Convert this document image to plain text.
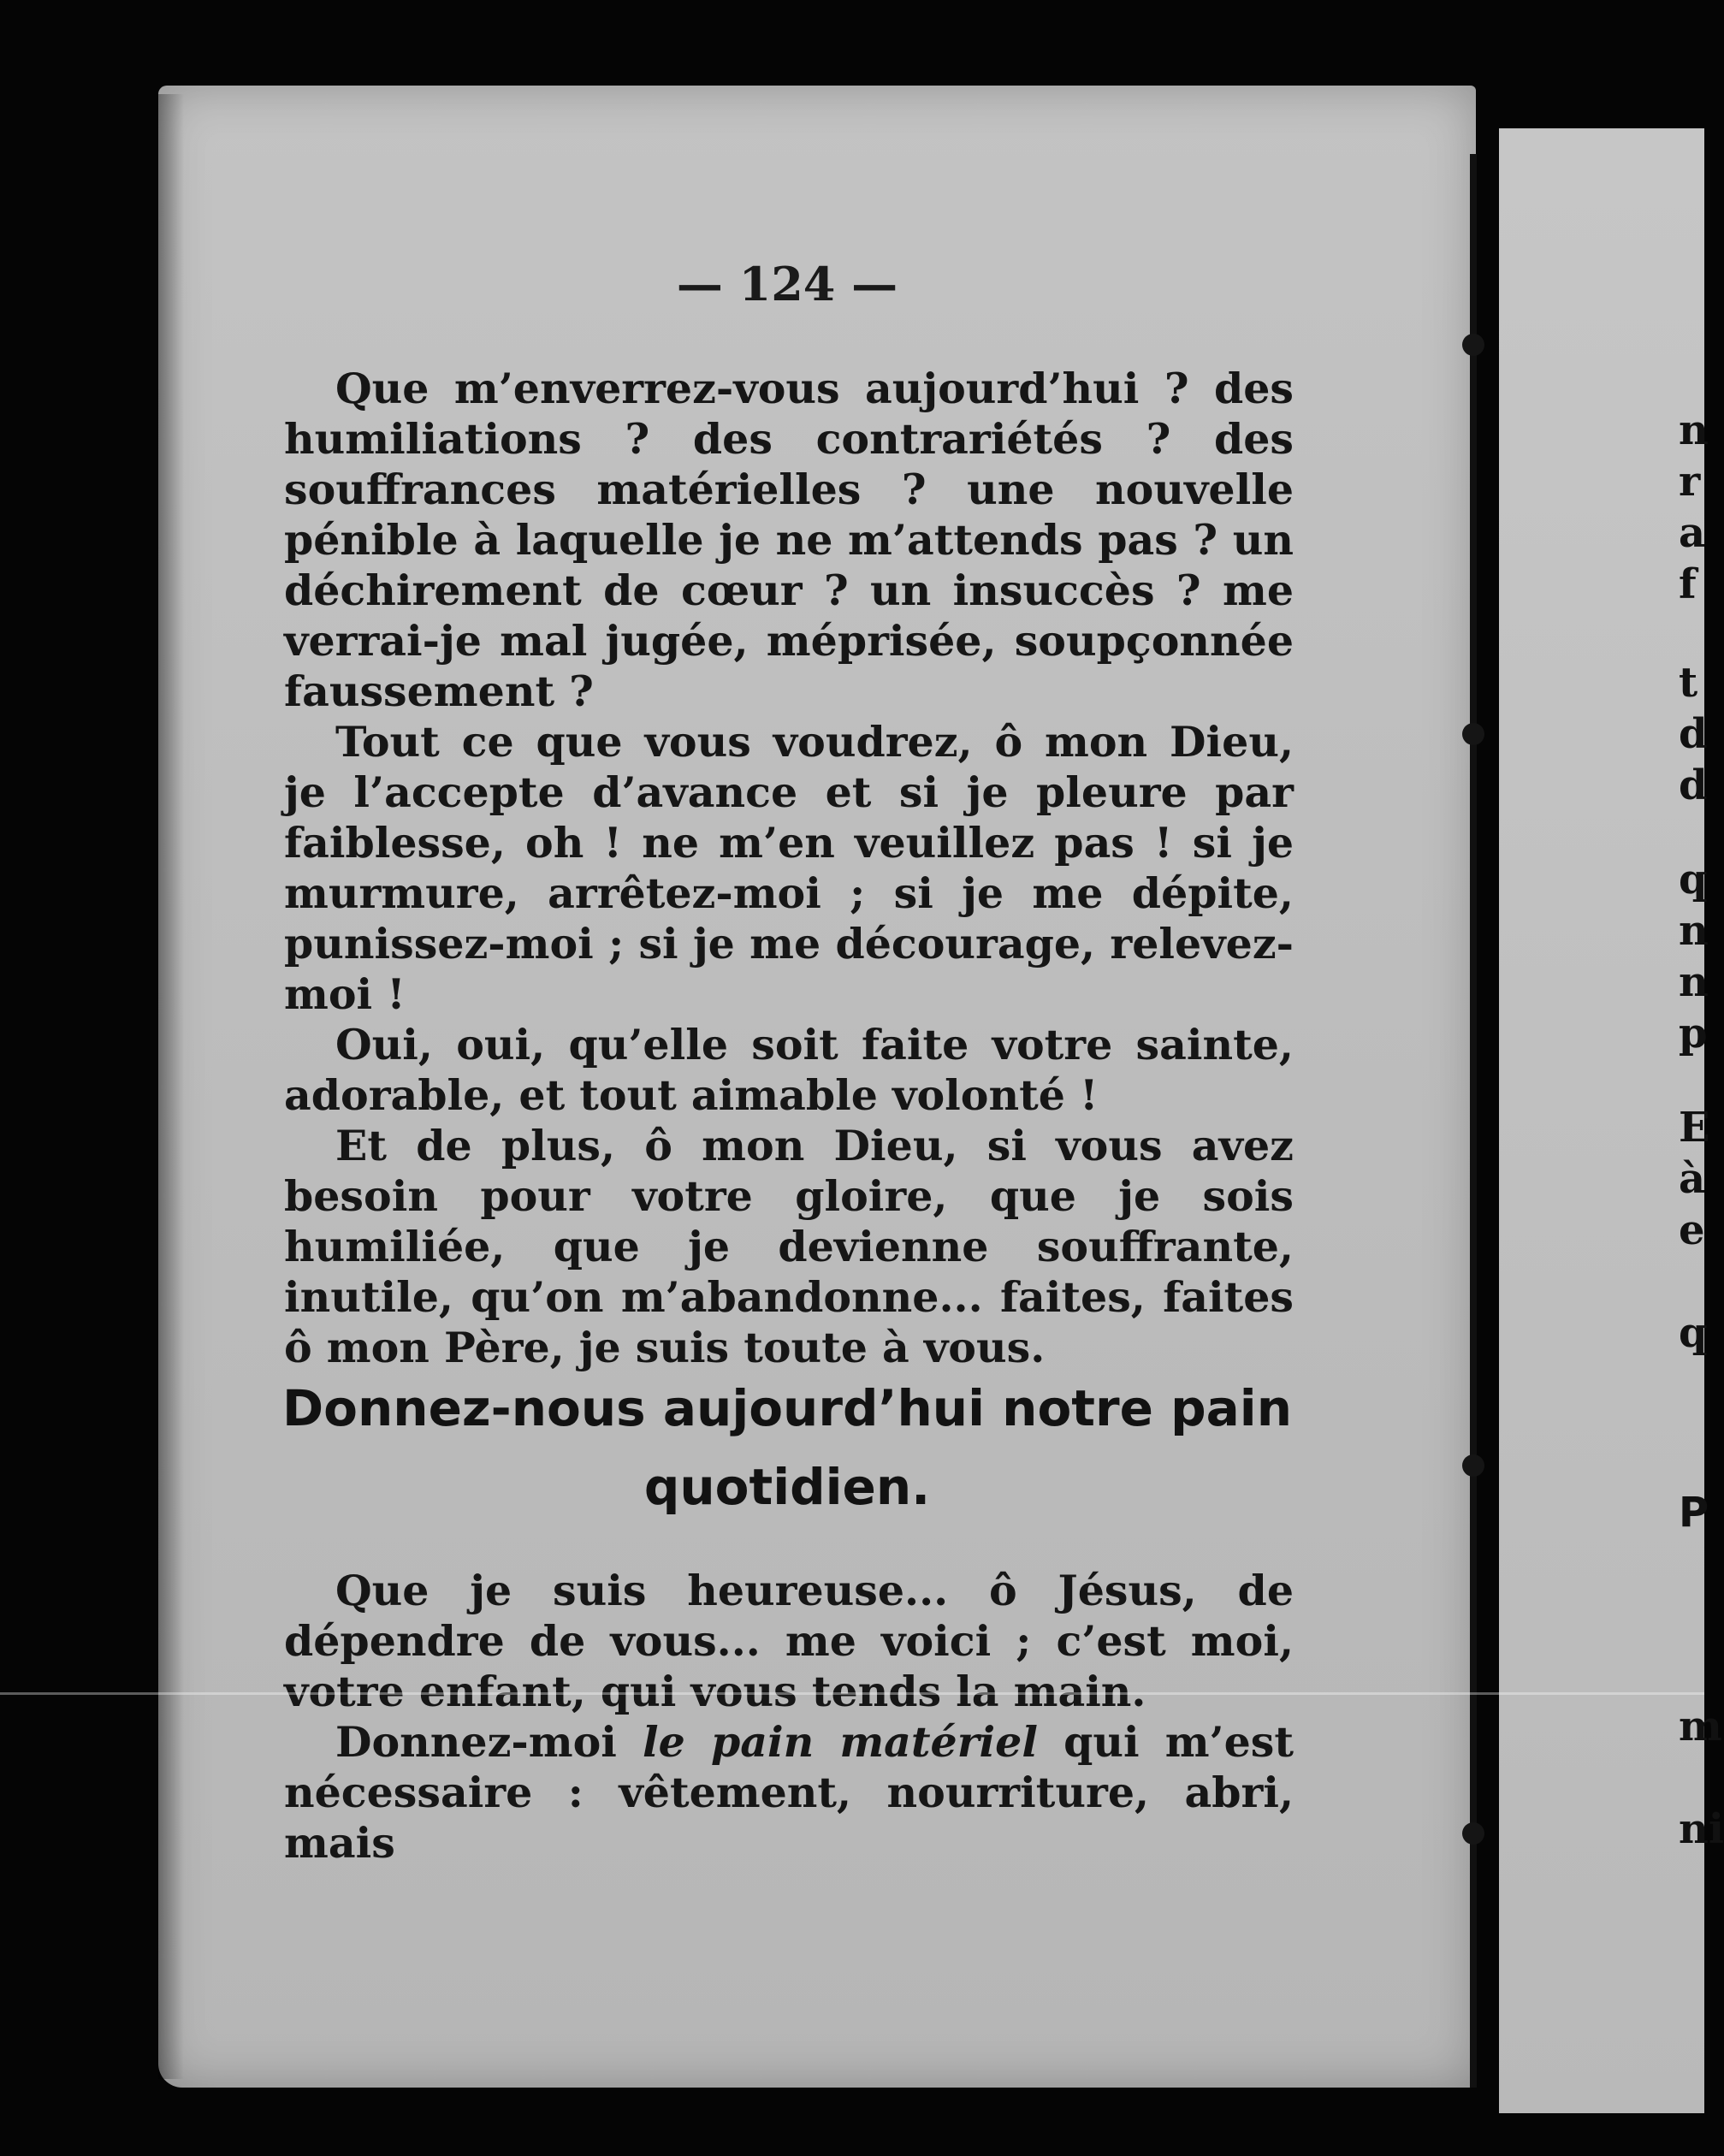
— 124 —

Que m’enverrez-vous aujourd’hui ? des humiliations ? des contrariétés ? des souffrances matérielles ? une nouvelle pénible à laquelle je ne m’attends pas ? un déchirement de cœur ? un insuccès ? me verrai-je mal jugée, méprisée, soupçonnée faussement ?

Tout ce que vous voudrez, ô mon Dieu, je l’accepte d’avance et si je pleure par faiblesse, oh ! ne m’en veuillez pas ! si je murmure, arrêtez-moi ; si je me dépite, punissez-moi ; si je me décourage, relevez-moi !

Oui, oui, qu’elle soit faite votre sainte, adorable, et tout aimable volonté !

Et de plus, ô mon Dieu, si vous avez besoin pour votre gloire, que je sois humiliée, que je devienne souffrante, inutile, qu’on m’abandonne... faites, faites ô mon Père, je suis toute à vous.

Donnez-nous aujourd’hui notre pain quotidien.

Que je suis heureuse... ô Jésus, de dépendre de vous... me voici ; c’est moi, votre enfant, qui vous tends la main.

Donnez-moi le pain matériel qui m’est nécessaire : vêtement, nourriture, abri, mais

n
r
a
f
t
d
d
q
n
n
p
E
à
e
q
P
m
ni
